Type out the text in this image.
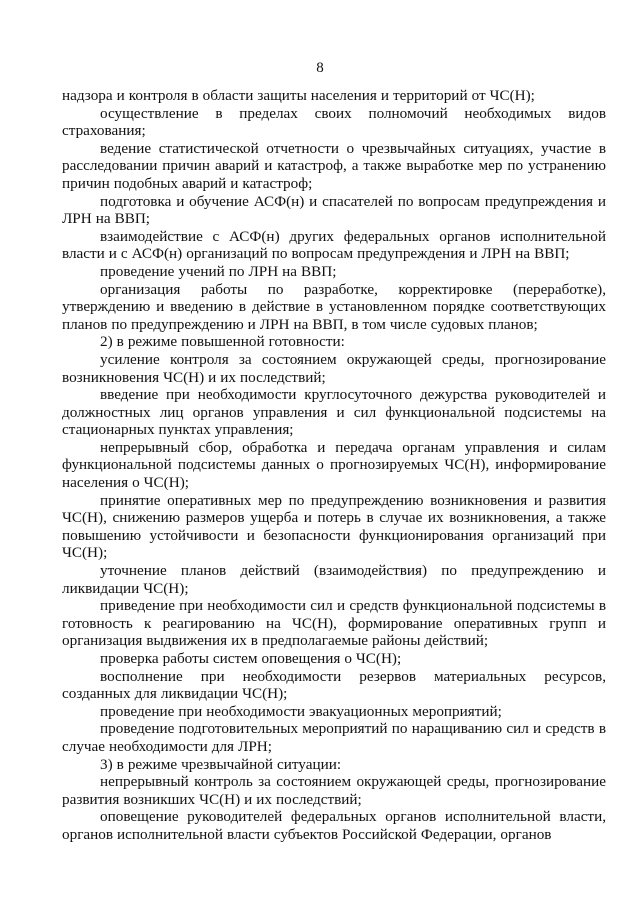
8

надзора и контроля в области защиты населения и территорий от ЧС(Н);

осуществление в пределах своих полномочий необходимых видов страхования;

ведение статистической отчетности о чрезвычайных ситуациях, участие в расследовании причин аварий и катастроф, а также выработке мер по устранению причин подобных аварий и катастроф;

подготовка и обучение АСФ(н) и спасателей по вопросам предупреждения и ЛРН на ВВП;

взаимодействие с АСФ(н) других федеральных органов исполнительной власти и с АСФ(н) организаций по вопросам предупреждения и ЛРН на ВВП;

проведение учений по ЛРН на ВВП;

организация работы по разработке, корректировке (переработке), утверждению и введению в действие в установленном порядке соответствующих планов по предупреждению и ЛРН на ВВП, в том числе судовых планов;

2) в режиме повышенной готовности:

усиление контроля за состоянием окружающей среды, прогнозирование возникновения ЧС(Н) и их последствий;

введение при необходимости круглосуточного дежурства руководителей и должностных лиц органов управления и сил функциональной подсистемы на стационарных пунктах управления;

непрерывный сбор, обработка и передача органам управления и силам функциональной подсистемы данных о прогнозируемых ЧС(Н), информирование населения о ЧС(Н);

принятие оперативных мер по предупреждению возникновения и развития ЧС(Н), снижению размеров ущерба и потерь в случае их возникновения, а также повышению устойчивости и безопасности функционирования организаций при ЧС(Н);

уточнение планов действий (взаимодействия) по предупреждению и ликвидации ЧС(Н);

приведение при необходимости сил и средств функциональной подсистемы в готовность к реагированию на ЧС(Н), формирование оперативных групп и организация выдвижения их в предполагаемые районы действий;

проверка работы систем оповещения о ЧС(Н);

восполнение при необходимости резервов материальных ресурсов, созданных для ликвидации ЧС(Н);

проведение при необходимости эвакуационных мероприятий;

проведение подготовительных мероприятий по наращиванию сил и средств в случае необходимости для ЛРН;

3) в режиме чрезвычайной ситуации:

непрерывный контроль за состоянием окружающей среды, прогнозирование развития возникших ЧС(Н) и их последствий;

оповещение руководителей федеральных органов исполнительной власти, органов исполнительной власти субъектов Российской Федерации, органов
